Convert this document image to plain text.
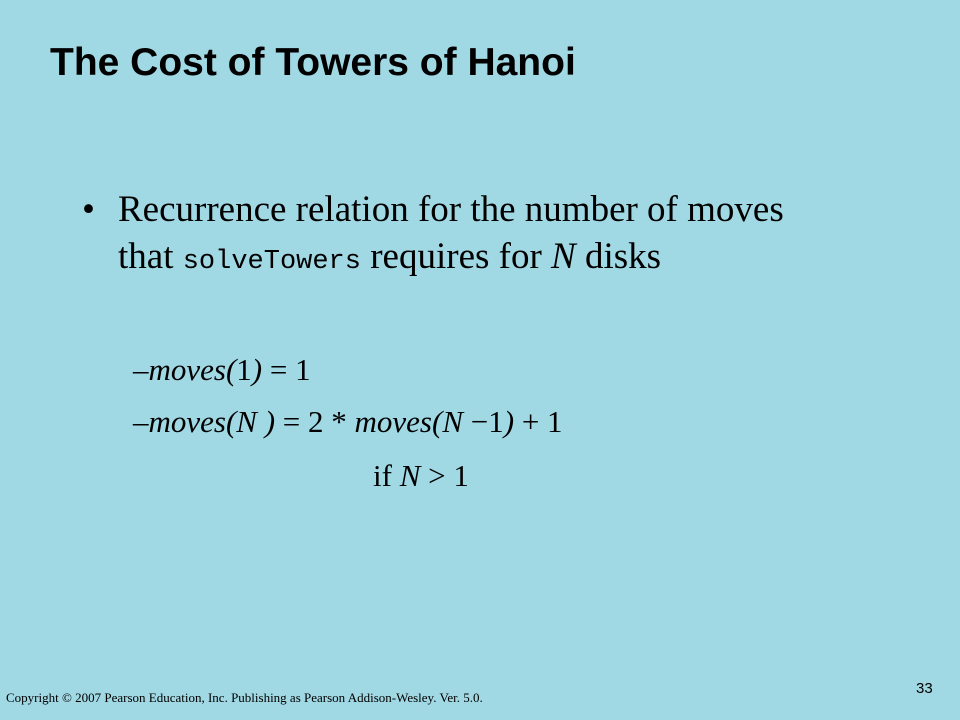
The Cost of Towers of Hanoi
• Recurrence relation for the number of moves that solveTowers requires for N disks
–moves(1) = 1
–moves(N ) = 2 * moves(N −1) + 1
if N > 1
Copyright © 2007 Pearson Education, Inc. Publishing as Pearson Addison-Wesley. Ver. 5.0.
33
